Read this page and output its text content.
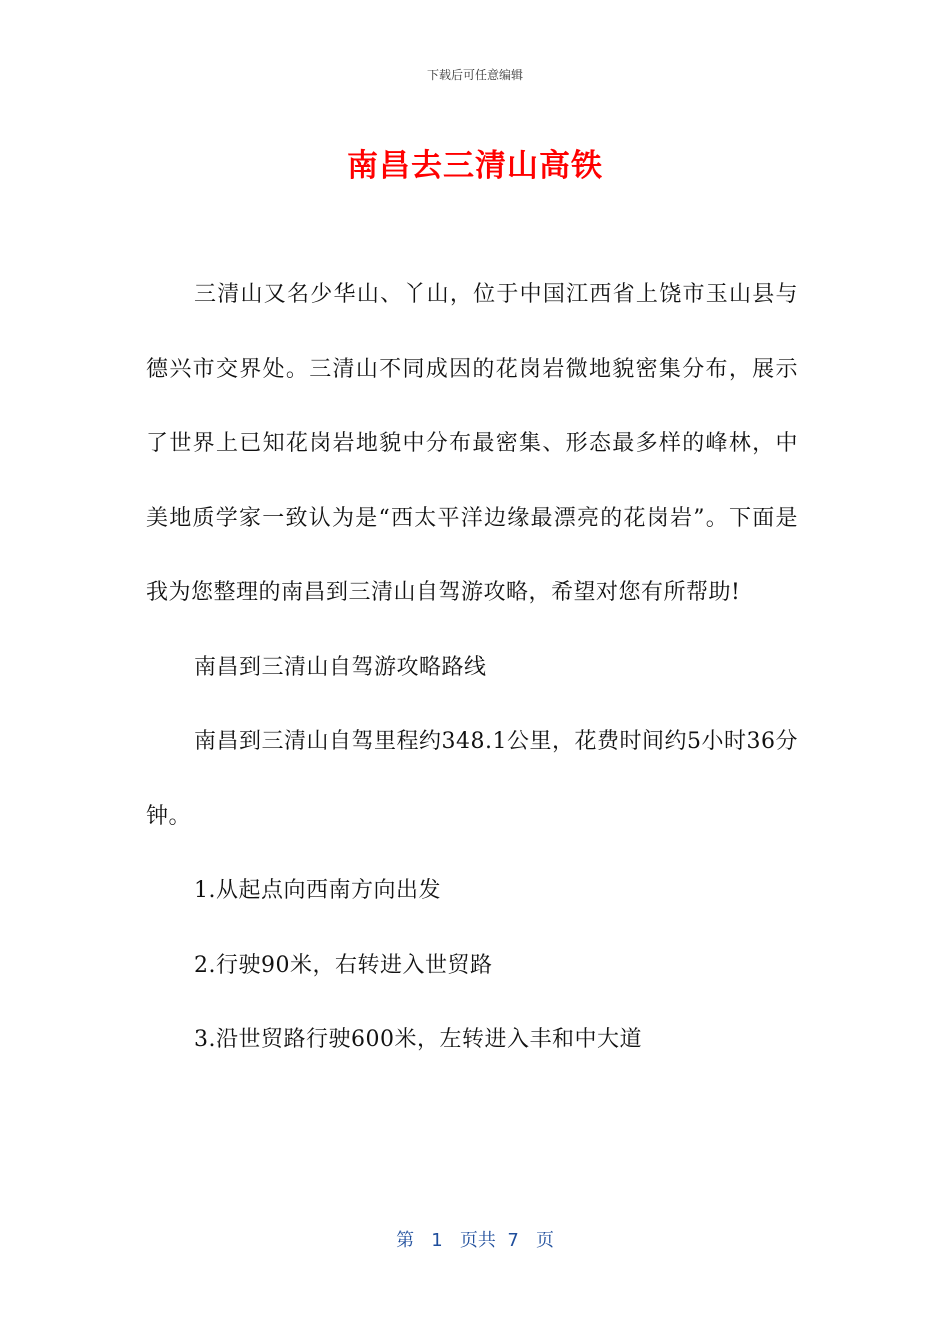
下载后可任意编辑
南昌去三清山高铁

三清山又名少华山、丫山，位于中国江西省上饶市玉山县与德兴市交界处。三清山不同成因的花岗岩微地貌密集分布，展示了世界上已知花岗岩地貌中分布最密集、形态最多样的峰林，中美地质学家一致认为是“西太平洋边缘最漂亮的花岗岩”。下面是我为您整理的南昌到三清山自驾游攻略，希望对您有所帮助!

南昌到三清山自驾游攻略路线

南昌到三清山自驾里程约348.1公里，花费时间约5小时36分钟。

1.从起点向西南方向出发

2.行驶90米，右转进入世贸路

3.沿世贸路行驶600米，左转进入丰和中大道

第 1 页共 7 页
